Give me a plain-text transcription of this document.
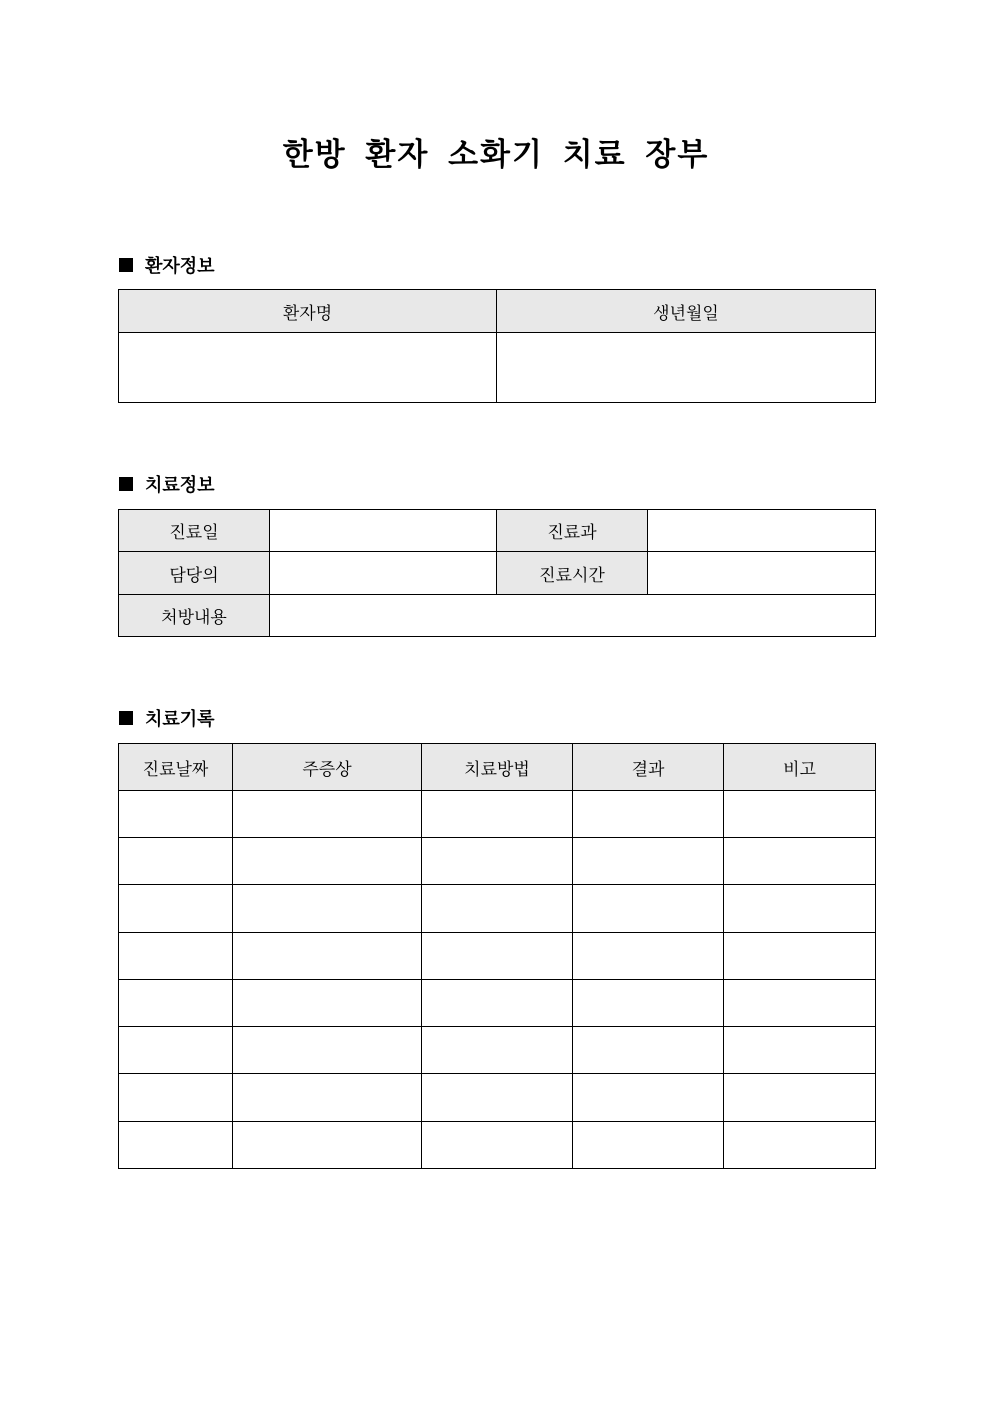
한방 환자 소화기 치료 장부
환자정보
환자명	생년월일

치료정보
진료일		진료과	
담당의		진료시간	
처방내용			
치료기록
진료날짜	주증상	치료방법	결과	비고
